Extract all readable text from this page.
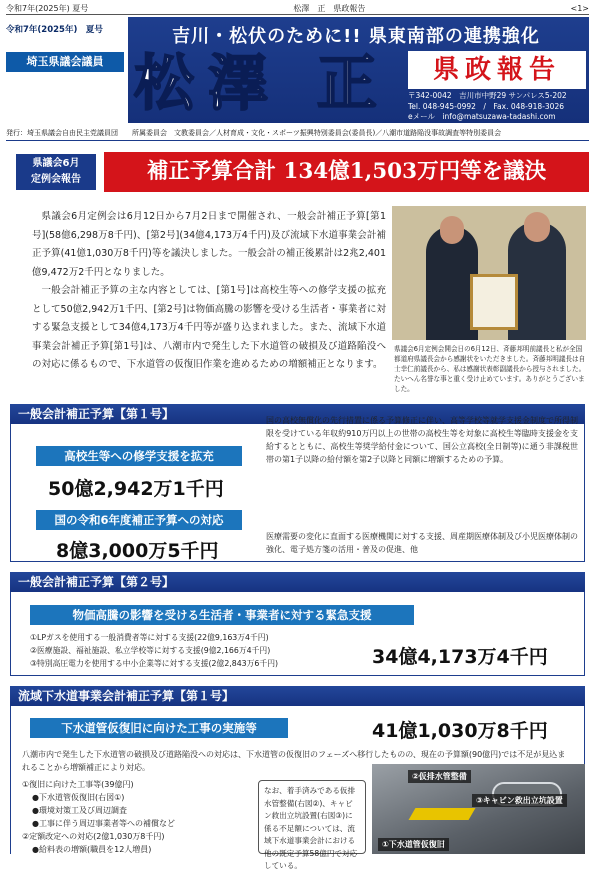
令和7年(2025年) 夏号	松澤　正　県政報告	<1>
令和7年(2025年)　夏号
埼玉県議会議員
吉川・松伏のために!! 県東南部の連携強化
松澤 正	県政報告
〒342-0042　吉川市中野29 サンパレス5-202
Tel. 048-945-0992　/　Fax. 048-918-3026
eメール　 info@matsuzawa-tadashi.com
発行：埼玉県議会自由民主党議員団　　所属委員会　文教委員会／人材育成・文化・スポーツ振興特別委員会(委員長)／八潮市道路陥没事故調査等特別委員会
県議会6月
定例会報告	補正予算合計 134億1,503万円等を議決

県議会6月定例会は6月12日から7月2日まで開催され、一般会計補正予算[第1号](58億6,298万8千円)、[第2号](34億4,173万4千円)及び流域下水道事業会計補正予算(41億1,030万8千円)等を議決しました。一般会計の補正後累計は2兆2,401億9,472万2千円となりました。

一般会計補正予算の主な内容としては、[第1号]は高校生等への修学支援の拡充として50億2,942万1千円、[第2号]は物価高騰の影響を受ける生活者・事業者に対する緊急支援として34億4,173万4千円等が盛り込まれました。また、流域下水道事業会計補正予算[第1号]は、八潮市内で発生した下水道管の破損及び道路陥没への対応に係るもので、下水道管の仮復旧作業を進めるための増額補正となります。

県議会6月定例会開会日の6月12日、斉藤邦明前議長と私が全国都道府県議長会から感謝状をいただきました。斉藤邦明議長は自士幸仁前議長から、私は感謝状表彰副議長から授与されました。たいへん名誉な事と重く受け止めています。ありがとうございました。
一般会計補正予算【第１号】
高校生等への修学支援を拡充
50億2,942万1千円
国の高校無償化の先行措置に係る予算修正に伴い、高等学校等就学支援金制度で所得制限を受けている年収約910万円以上の世帯の高校生等を対象に高校生等臨時支援金を支給するとともに、高校生等奨学給付金について、国公立高校(全日制等)に通う非課税世帯の第1子以降の給付額を第2子以降と同額に増額するための予算。
国の令和6年度補正予算への対応
8億3,000万5千円
医療需要の変化に直面する医療機関に対する支援、周産期医療体制及び小児医療体制の強化、電子処方箋の活用・普及の促進、他
一般会計補正予算【第２号】
物価高騰の影響を受ける生活者・事業者に対する緊急支援
①LPガスを使用する一般消費者等に対する支援(22億9,163万4千円)
②医療施設、福祉施設、私立学校等に対する支援(9億2,166万4千円)
③特別高圧電力を使用する中小企業等に対する支援(2億2,843万6千円)	34億4,173万4千円
流域下水道事業会計補正予算【第１号】
下水道管仮復旧に向けた工事の実施等	41億1,030万8千円
八潮市内で発生した下水道管の破損及び道路陥没への対応は、下水道管の仮復旧のフェーズへ移行したものの、現在の予算額(90億円)では不足が見込まれることから増額補正により対応。
①復旧に向けた工事等(39億円)
●下水道管仮復旧(右図①)
●環境対策工及び周辺調査
●工事に伴う周辺事業者等への補償など
②定額改定への対応(2億1,030万8千円)
●給料表の増額(職員を12人増員)
なお、着手済みである仮排水管整備(右図②)、キャビン救出立坑設置(右図③)に係る不足額については、流域下水道事業会計における他の既定予算58億円で対応している。
②仮排水管整備
③キャビン救出立坑設置
①下水道管仮復旧
